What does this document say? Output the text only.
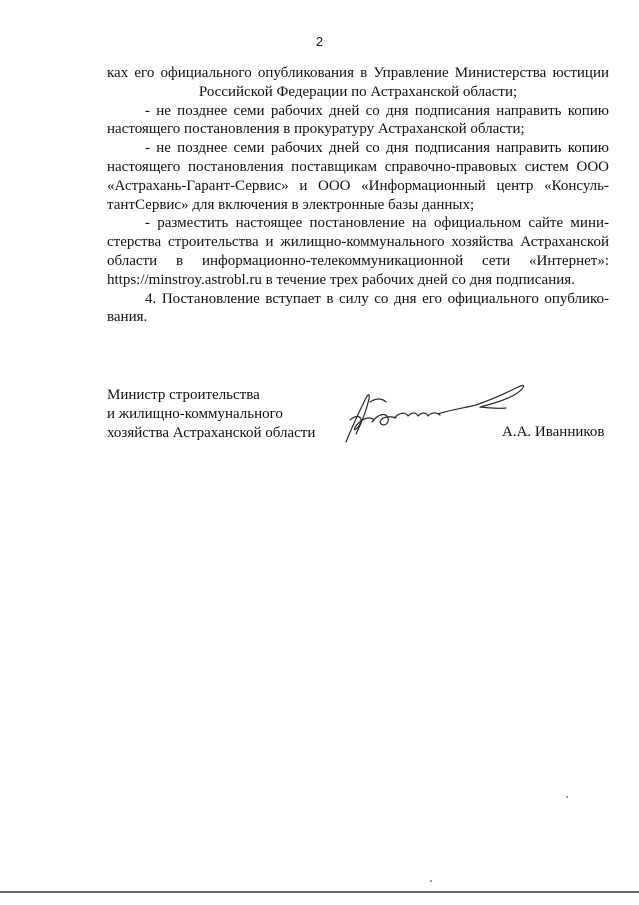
2
ках его официального опубликования в Управление Министерства юстиции
Российской Федерации по Астраханской области;
- не позднее семи рабочих дней со дня подписания направить копию
настоящего постановления в прокуратуру Астраханской области;
- не позднее семи рабочих дней со дня подписания направить копию
настоящего постановления поставщикам справочно-правовых систем ООО
«Астрахань-Гарант-Сервис» и ООО «Информационный центр «Консуль-
тантСервис» для включения в электронные базы данных;
- разместить настоящее постановление на официальном сайте мини-
стерства строительства и жилищно-коммунального хозяйства Астраханской
области в информационно-телекоммуникационной сети «Интернет»:
https://minstroy.astrobl.ru в течение трех рабочих дней со дня подписания.
4. Постановление вступает в силу со дня его официального опублико-
вания.
Министр строительства
и жилищно-коммунального
хозяйства Астраханской области	А.А. Иванников
